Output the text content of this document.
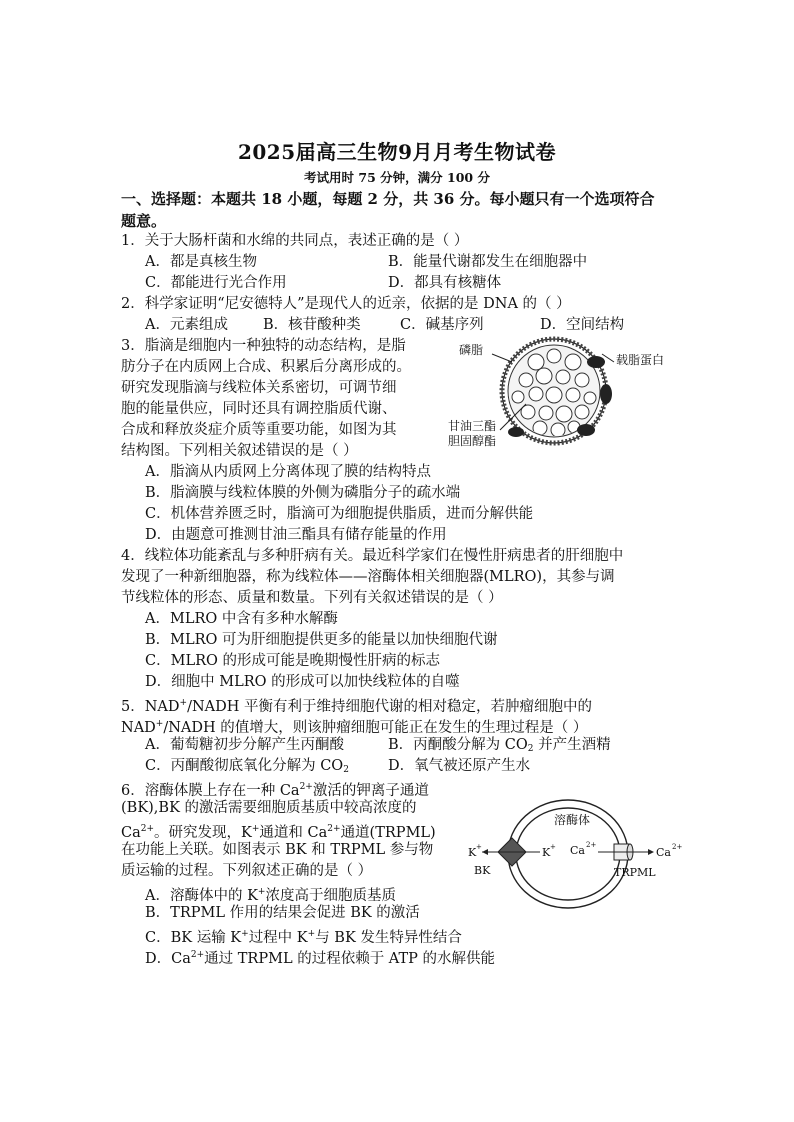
2025届高三生物9月月考生物试卷
考试用时 75 分钟，满分 100 分
一、选择题：本题共 18 小题，每题 2 分，共 36 分。每小题只有一个选项符合
题意。
1．关于大肠杆菌和水绵的共同点，表述正确的是（ ）
A．都是真核生物	B．能量代谢都发生在细胞器中
C．都能进行光合作用	D．都具有核糖体
2．科学家证明“尼安德特人”是现代人的近亲，依据的是 DNA 的（ ）
A．元素组成 B．核苷酸种类	C．碱基序列	D．空间结构
3．脂滴是细胞内一种独特的动态结构，是脂
肪分子在内质网上合成、积累后分离形成的。
研究发现脂滴与线粒体关系密切，可调节细
胞的能量供应，同时还具有调控脂质代谢、
合成和释放炎症介质等重要功能，如图为其
结构图。下列相关叙述错误的是（ ）
磷脂
载脂蛋白
甘油三酯
胆固醇酯
A．脂滴从内质网上分离体现了膜的结构特点
B．脂滴膜与线粒体膜的外侧为磷脂分子的疏水端
C．机体营养匮乏时，脂滴可为细胞提供脂质，进而分解供能
D．由题意可推测甘油三酯具有储存能量的作用
4．线粒体功能紊乱与多种肝病有关。最近科学家们在慢性肝病患者的肝细胞中
发现了一种新细胞器，称为线粒体——溶酶体相关细胞器(MLRO)，其参与调
节线粒体的形态、质量和数量。下列有关叙述错误的是（ ）
A．MLRO 中含有多种水解酶
B．MLRO 可为肝细胞提供更多的能量以加快细胞代谢
C．MLRO 的形成可能是晚期慢性肝病的标志
D．细胞中 MLRO 的形成可以加快线粒体的自噬
5．NAD+/NADH 平衡有利于维持细胞代谢的相对稳定，若肿瘤细胞中的
NAD+/NADH 的值增大，则该肿瘤细胞可能正在发生的生理过程是（ ）
A．葡萄糖初步分解产生丙酮酸	B．丙酮酸分解为 $CO_2$ 并产生酒精
C．丙酮酸彻底氧化分解为 $CO_2$	D．氧气被还原产生水
6．溶酶体膜上存在一种 $Ca^{2+}$激活的钾离子通道
(BK),BK 的激活需要细胞质基质中较高浓度的
$Ca^{2+}$。研究发现，K+通道和 $Ca^{2+}$通道(TRPML)
在功能上关联。如图表示 BK 和 TRPML 参与物
质运输的过程。下列叙述正确的是（ ）
A．溶酶体中的 K+浓度高于细胞质基质
B．TRPML 作用的结果会促进 BK 的激活
C．BK 运输 K+过程中 K+与 BK 发生特异性结合
D．$Ca^{2+}$通过 TRPML 的过程依赖于 ATP 的水解供能
溶酶体
K +	K +
BK
Ca 2+
Ca 2+
TRPML
